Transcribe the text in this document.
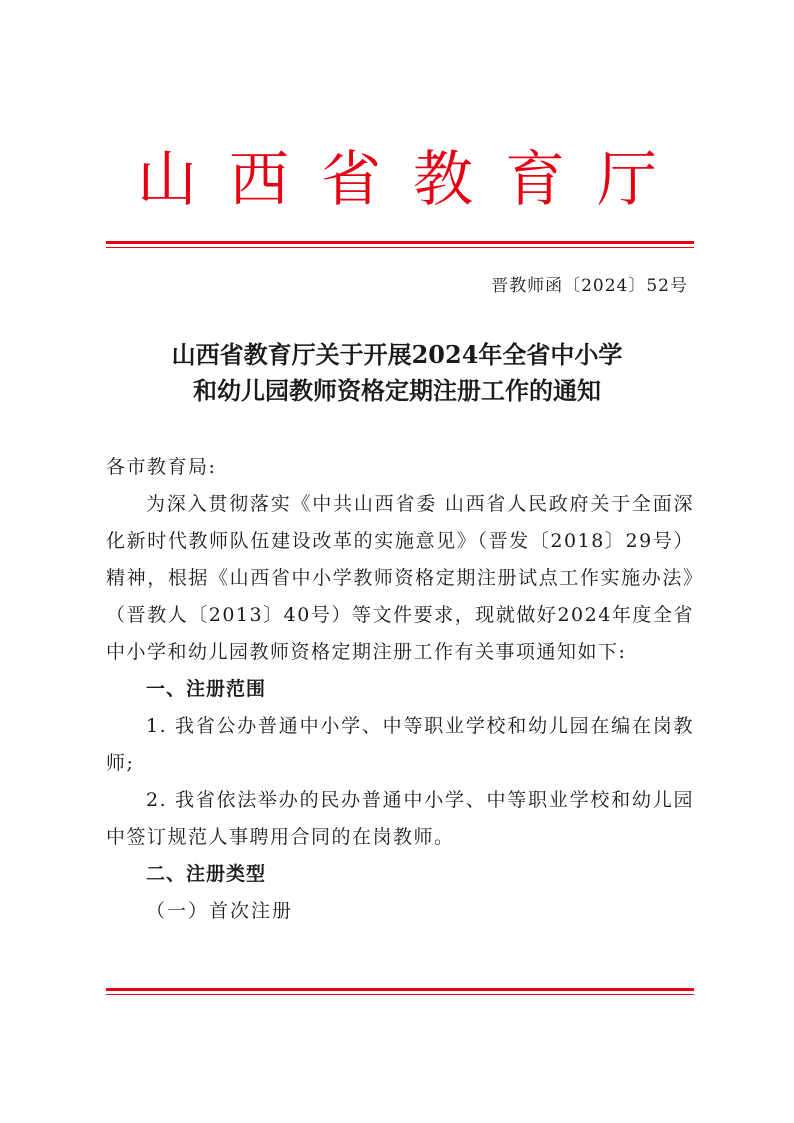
山西省教育厅
晋教师函〔2024〕52号
山西省教育厅关于开展2024年全省中小学
和幼儿园教师资格定期注册工作的通知

各市教育局:

为深入贯彻落实《中共山西省委 山西省人民政府关于全面深化新时代教师队伍建设改革的实施意见》（晋发〔2018〕29号）精神，根据《山西省中小学教师资格定期注册试点工作实施办法》（晋教人〔2013〕40号）等文件要求，现就做好2024年度全省中小学和幼儿园教师资格定期注册工作有关事项通知如下:

一、注册范围

1. 我省公办普通中小学、中等职业学校和幼儿园在编在岗教师;

2. 我省依法举办的民办普通中小学、中等职业学校和幼儿园中签订规范人事聘用合同的在岗教师。

二、注册类型

（一）首次注册
